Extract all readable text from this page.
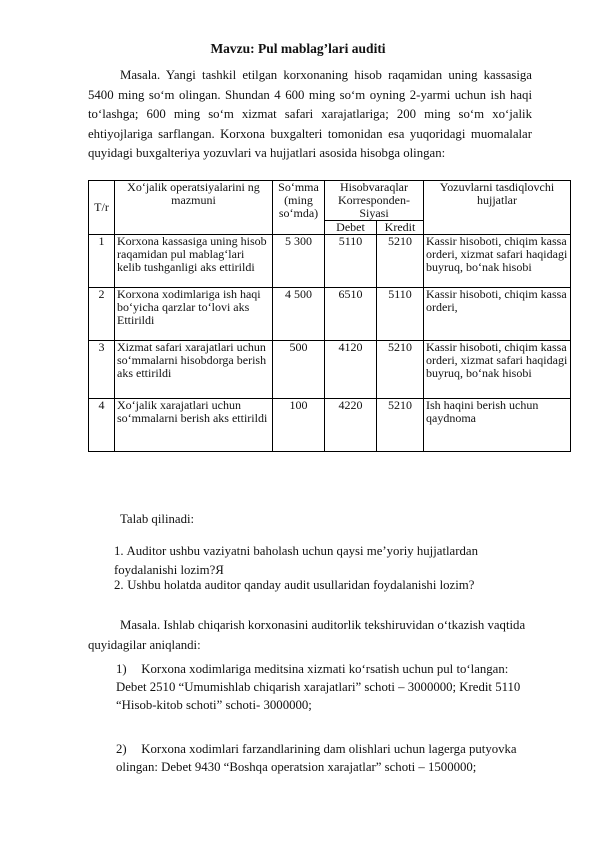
Mavzu: Pul mablag’lari auditi
Masala. Yangi tashkil etilgan korxonaning hisob raqamidan uning kassasiga 5400 ming so‘m olingan. Shundan 4 600 ming so‘m oyning 2-yarmi uchun ish haqi to‘lashga; 600 ming so‘m xizmat safari xarajatlariga; 200 ming so‘m xo‘jalik ehtiyojlariga sarflangan. Korxona buxgalteri tomonidan esa yuqoridagi muomalalar quyidagi buxgalteriya yozuvlari va hujjatlari asosida hisobga olingan:
T/r	Xo‘jalik operatsiyalarini ng mazmuni	So‘mma (ming so‘mda)	Hisobvaraqlar Korresponden-Siyasi		Yozuvlarni tasdiqlovchi hujjatlar
			Debet	Kredit	
1	Korxona kassasiga uning hisob raqamidan pul mablag‘lari kelib tushganligi aks ettirildi	5 300	5110	5210	Kassir hisoboti, chiqim kassa orderi, xizmat safari haqidagi buyruq, bo‘nak hisobi
2	Korxona xodimlariga ish haqi bo‘yicha qarzlar to‘lovi aks Ettirildi	4 500	6510	5110	Kassir hisoboti, chiqim kassa orderi,
3	Xizmat safari xarajatlari uchun so‘mmalarni hisobdorga berish aks ettirildi	500	4120	5210	Kassir hisoboti, chiqim kassa orderi, xizmat safari haqidagi buyruq, bo‘nak hisobi
4	Xo‘jalik xarajatlari uchun so‘mmalarni berish aks ettirildi	100	4220	5210	Ish haqini berish uchun qaydnoma
Talab qilinadi:
1. Auditor ushbu vaziyatni baholash uchun qaysi me’yoriy hujjatlardan foydalanishi lozim?Я
2. Ushbu holatda auditor qanday audit usullaridan foydalanishi lozim?
Masala. Ishlab chiqarish korxonasini auditorlik tekshiruvidan o‘tkazish vaqtida quyidagilar aniqlandi:
1) Korxona xodimlariga meditsina xizmati ko‘rsatish uchun pul to‘langan: Debet 2510 “Umumishlab chiqarish xarajatlari” schoti – 3000000; Kredit 5110 “Hisob-kitob schoti” schoti- 3000000;
2) Korxona xodimlari farzandlarining dam olishlari uchun lagerga putyovka olingan: Debet 9430 “Boshqa operatsion xarajatlar” schoti – 1500000;
